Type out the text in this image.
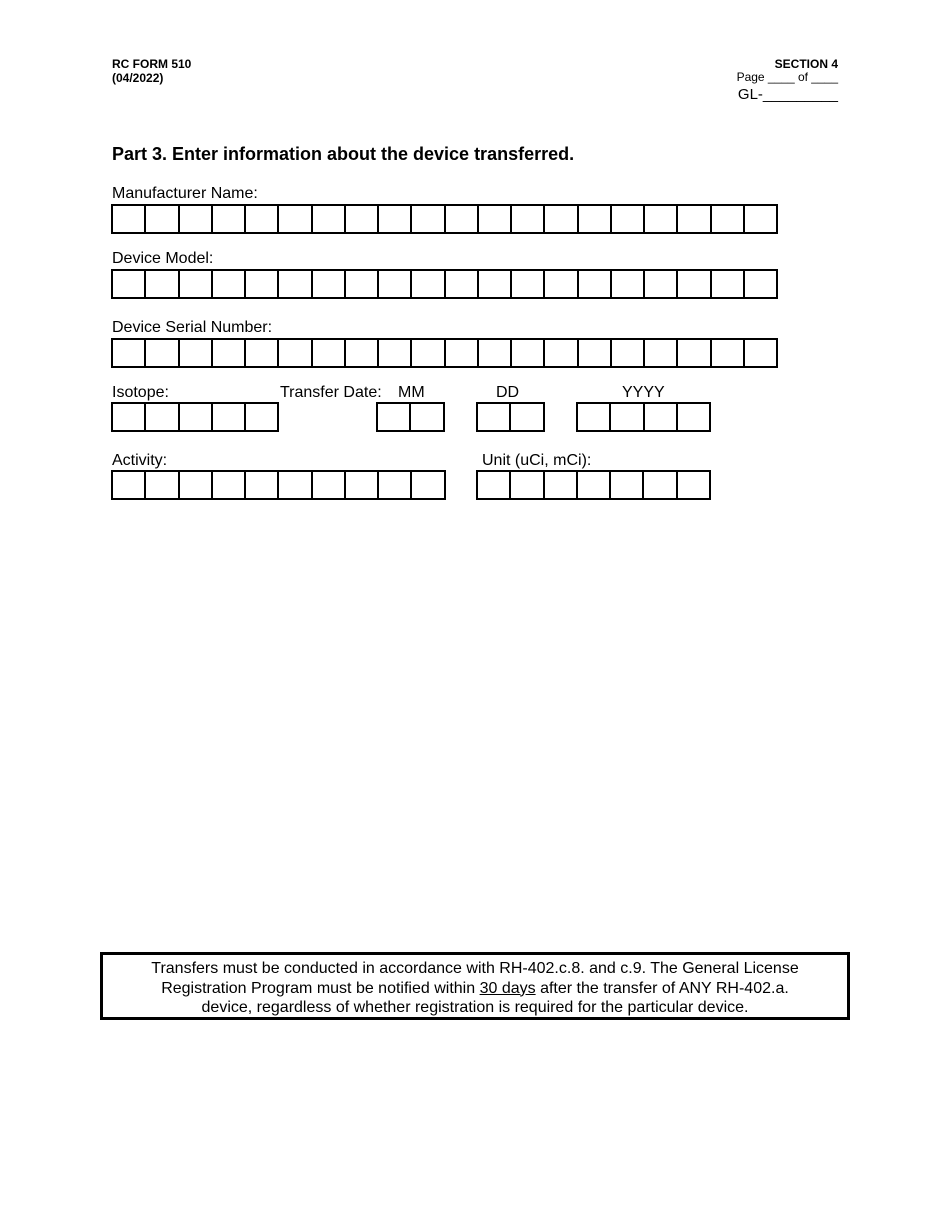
RC FORM 510
(04/2022)
SECTION 4
Page ____ of ____
GL-_________
Part 3. Enter information about the device transferred.
Manufacturer Name:
Device Model:
Device Serial Number:
Isotope:	Transfer Date: MM	DD	YYYY
Activity:	Unit (uCi, mCi):
Transfers must be conducted in accordance with RH-402.c.8. and c.9. The General License
Registration Program must be notified within 30 days after the transfer of ANY RH-402.a.
device, regardless of whether registration is required for the particular device.
